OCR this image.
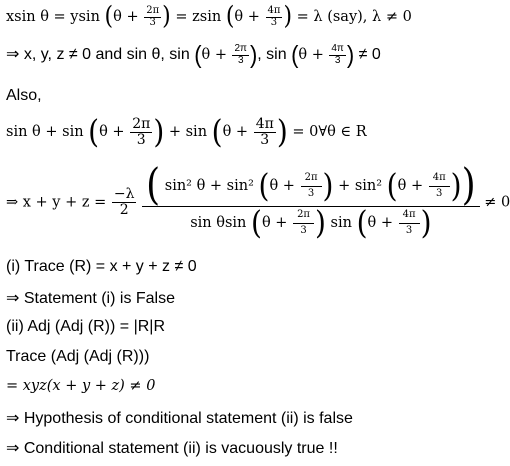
xsin θ = ysin ($\theta + \frac{2\pi}{3}$ ) = zsin ($\theta + \frac{4\pi}{3}$ ) = λ (say), λ ≠ 0
⇒ x, y, z ≠ 0 and sin θ, $\sin (\theta + \frac{2\pi}{3}$ ), $\sin (\theta + \frac{4\pi}{3}$ ) ≠ 0
Also,
$\sin \theta + \sin (\theta + \frac{2\pi}{3}$ ) + $\sin (\theta + \frac{4\pi}{3}$ ) = 0∀θ ∈ R
⇒ $x + y + z = \frac{-\lambda}{2}$
( sin² θ + sin² ($\theta + \frac{2\pi}{3}$ ) + sin² ($\theta + \frac{4\pi}{3}$ ))
sin θsin ($\theta + \frac{2\pi}{3}$ ) $\sin (\theta + \frac{4\pi}{3}$ )
≠ 0
(i) Trace (R) = x + y + z ≠ 0
⇒ Statement (i) is False
(ii) Adj (Adj (R)) = |R|R
Trace (Adj (Adj (R)))
= xyz(x + y + z) ≠ 0
⇒ Hypothesis of conditional statement (ii) is false
⇒ Conditional statement (ii) is vacuously true !!
